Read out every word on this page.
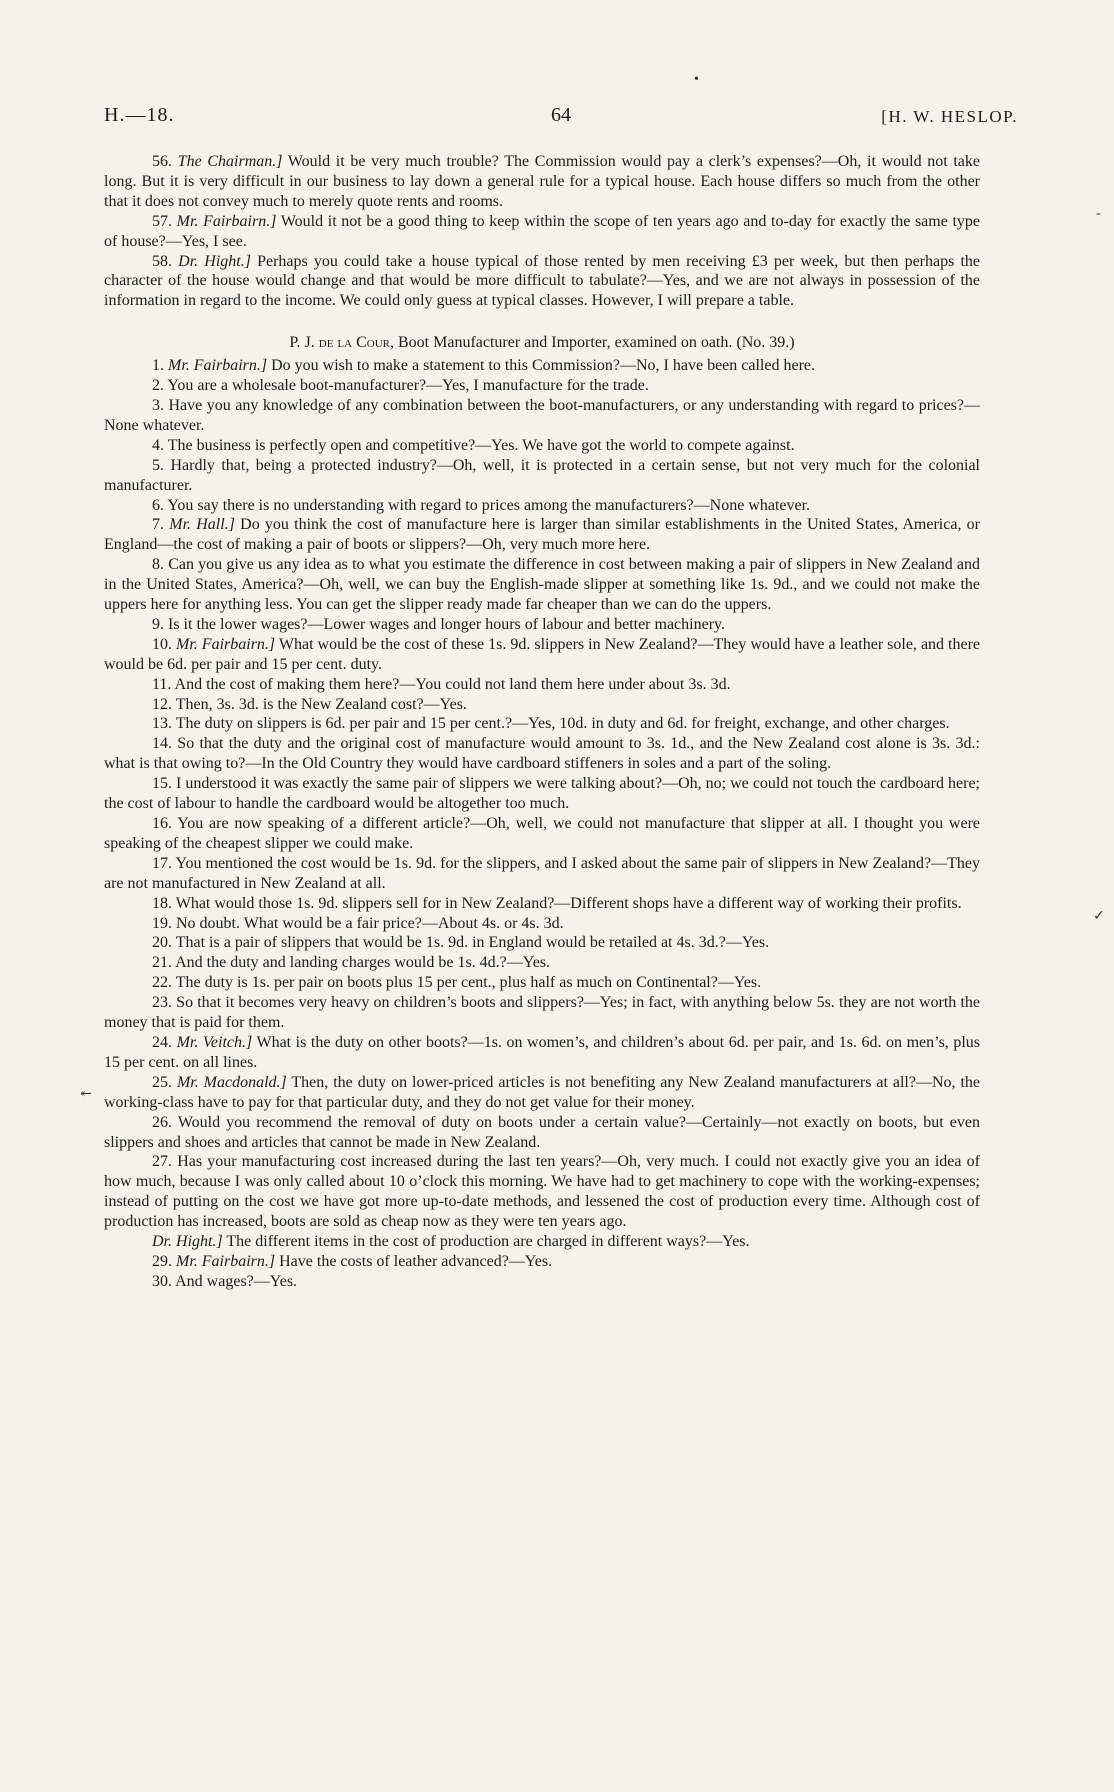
•
-
✓
↞
H.—18.	64	[H. W. HESLOP.

56. The Chairman.] Would it be very much trouble? The Commission would pay a clerk’s expenses?—Oh, it would not take long. But it is very difficult in our business to lay down a general rule for a typical house. Each house differs so much from the other that it does not convey much to merely quote rents and rooms.

57. Mr. Fairbairn.] Would it not be a good thing to keep within the scope of ten years ago and to-day for exactly the same type of house?—Yes, I see.

58. Dr. Hight.] Perhaps you could take a house typical of those rented by men receiving £3 per week, but then perhaps the character of the house would change and that would be more difficult to tabulate?—Yes, and we are not always in possession of the information in regard to the income. We could only guess at typical classes. However, I will prepare a table.

P. J. de la Cour, Boot Manufacturer and Importer, examined on oath. (No. 39.)

1. Mr. Fairbairn.] Do you wish to make a statement to this Commission?—No, I have been called here.

2. You are a wholesale boot-manufacturer?—Yes, I manufacture for the trade.

3. Have you any knowledge of any combination between the boot-manufacturers, or any understanding with regard to prices?—None whatever.

4. The business is perfectly open and competitive?—Yes. We have got the world to compete against.

5. Hardly that, being a protected industry?—Oh, well, it is protected in a certain sense, but not very much for the colonial manufacturer.

6. You say there is no understanding with regard to prices among the manufacturers?—None whatever.

7. Mr. Hall.] Do you think the cost of manufacture here is larger than similar establishments in the United States, America, or England—the cost of making a pair of boots or slippers?—Oh, very much more here.

8. Can you give us any idea as to what you estimate the difference in cost between making a pair of slippers in New Zealand and in the United States, America?—Oh, well, we can buy the English-made slipper at something like 1s. 9d., and we could not make the uppers here for anything less. You can get the slipper ready made far cheaper than we can do the uppers.

9. Is it the lower wages?—Lower wages and longer hours of labour and better machinery.

10. Mr. Fairbairn.] What would be the cost of these 1s. 9d. slippers in New Zealand?—They would have a leather sole, and there would be 6d. per pair and 15 per cent. duty.

11. And the cost of making them here?—You could not land them here under about 3s. 3d.

12. Then, 3s. 3d. is the New Zealand cost?—Yes.

13. The duty on slippers is 6d. per pair and 15 per cent.?—Yes, 10d. in duty and 6d. for freight, exchange, and other charges.

14. So that the duty and the original cost of manufacture would amount to 3s. 1d., and the New Zealand cost alone is 3s. 3d.: what is that owing to?—In the Old Country they would have cardboard stiffeners in soles and a part of the soling.

15. I understood it was exactly the same pair of slippers we were talking about?—Oh, no; we could not touch the cardboard here; the cost of labour to handle the cardboard would be altogether too much.

16. You are now speaking of a different article?—Oh, well, we could not manufacture that slipper at all. I thought you were speaking of the cheapest slipper we could make.

17. You mentioned the cost would be 1s. 9d. for the slippers, and I asked about the same pair of slippers in New Zealand?—They are not manufactured in New Zealand at all.

18. What would those 1s. 9d. slippers sell for in New Zealand?—Different shops have a different way of working their profits.

19. No doubt. What would be a fair price?—About 4s. or 4s. 3d.

20. That is a pair of slippers that would be 1s. 9d. in England would be retailed at 4s. 3d.?—Yes.

21. And the duty and landing charges would be 1s. 4d.?—Yes.

22. The duty is 1s. per pair on boots plus 15 per cent., plus half as much on Continental?—Yes.

23. So that it becomes very heavy on children’s boots and slippers?—Yes; in fact, with anything below 5s. they are not worth the money that is paid for them.

24. Mr. Veitch.] What is the duty on other boots?—1s. on women’s, and children’s about 6d. per pair, and 1s. 6d. on men’s, plus 15 per cent. on all lines.

25. Mr. Macdonald.] Then, the duty on lower-priced articles is not benefiting any New Zealand manufacturers at all?—No, the working-class have to pay for that particular duty, and they do not get value for their money.

26. Would you recommend the removal of duty on boots under a certain value?—Certainly—not exactly on boots, but even slippers and shoes and articles that cannot be made in New Zealand.

27. Has your manufacturing cost increased during the last ten years?—Oh, very much. I could not exactly give you an idea of how much, because I was only called about 10 o’clock this morning. We have had to get machinery to cope with the working-expenses; instead of putting on the cost we have got more up-to-date methods, and lessened the cost of production every time. Although cost of production has increased, boots are sold as cheap now as they were ten years ago.

Dr. Hight.] The different items in the cost of production are charged in different ways?—Yes.

29. Mr. Fairbairn.] Have the costs of leather advanced?—Yes.

30. And wages?—Yes.
